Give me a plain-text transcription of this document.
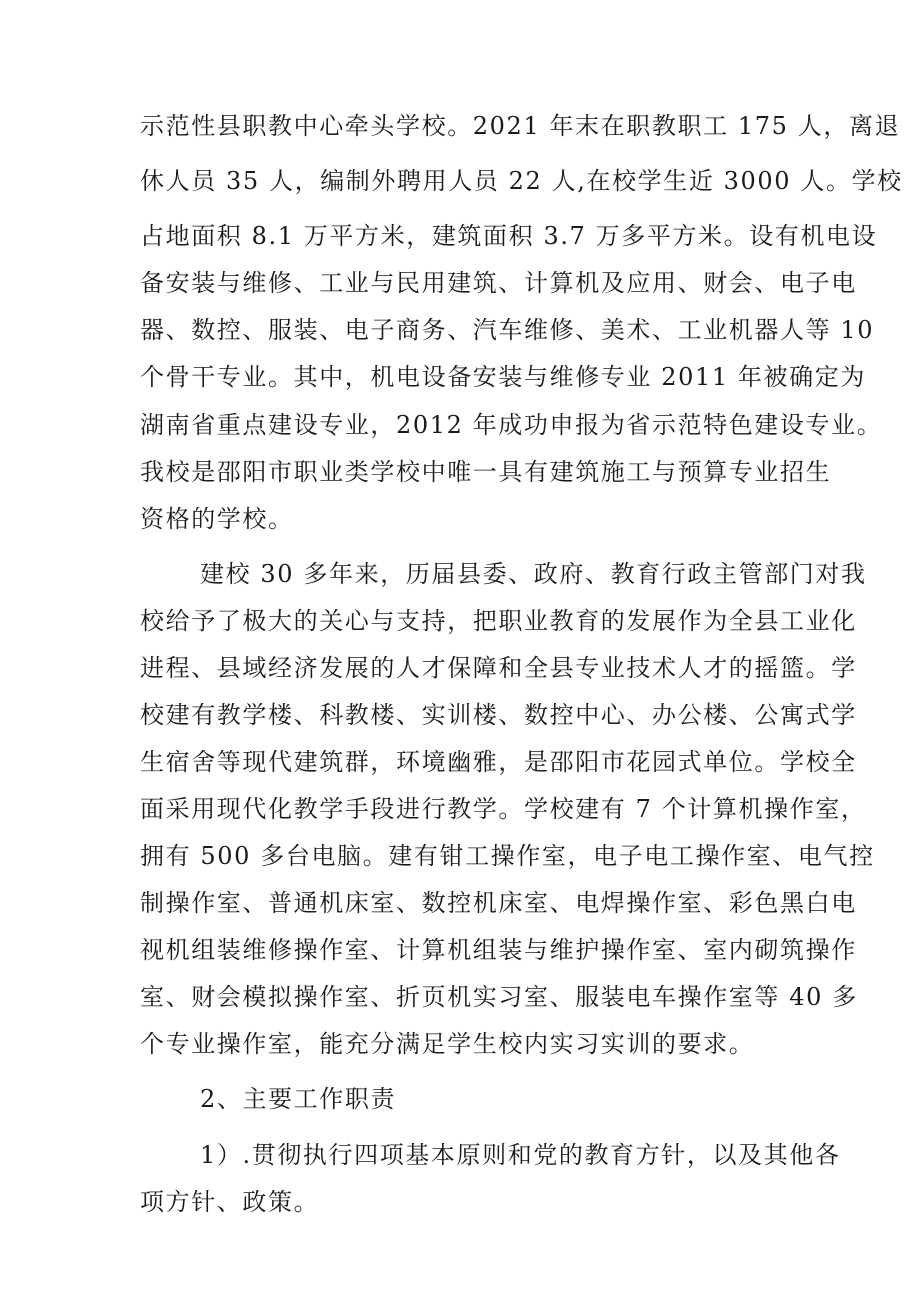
示范性县职教中心牵头学校。2021 年末在职教职工 175 人，离退
休人员 35 人，编制外聘用人员 22 人,在校学生近 3000 人。学校
占地面积 8.1 万平方米，建筑面积 3.7 万多平方米。设有机电设
备安装与维修、工业与民用建筑、计算机及应用、财会、电子电
器、数控、服装、电子商务、汽车维修、美术、工业机器人等 10
个骨干专业。其中，机电设备安装与维修专业 2011 年被确定为
湖南省重点建设专业，2012 年成功申报为省示范特色建设专业。
我校是邵阳市职业类学校中唯一具有建筑施工与预算专业招生
资格的学校。
建校 30 多年来，历届县委、政府、教育行政主管部门对我
校给予了极大的关心与支持，把职业教育的发展作为全县工业化
进程、县域经济发展的人才保障和全县专业技术人才的摇篮。学
校建有教学楼、科教楼、实训楼、数控中心、办公楼、公寓式学
生宿舍等现代建筑群，环境幽雅，是邵阳市花园式单位。学校全
面采用现代化教学手段进行教学。学校建有 7 个计算机操作室，
拥有 500 多台电脑。建有钳工操作室，电子电工操作室、电气控
制操作室、普通机床室、数控机床室、电焊操作室、彩色黑白电
视机组装维修操作室、计算机组装与维护操作室、室内砌筑操作
室、财会模拟操作室、折页机实习室、服装电车操作室等 40 多
个专业操作室，能充分满足学生校内实习实训的要求。
2、主要工作职责
1）.贯彻执行四项基本原则和党的教育方针，以及其他各
项方针、政策。
